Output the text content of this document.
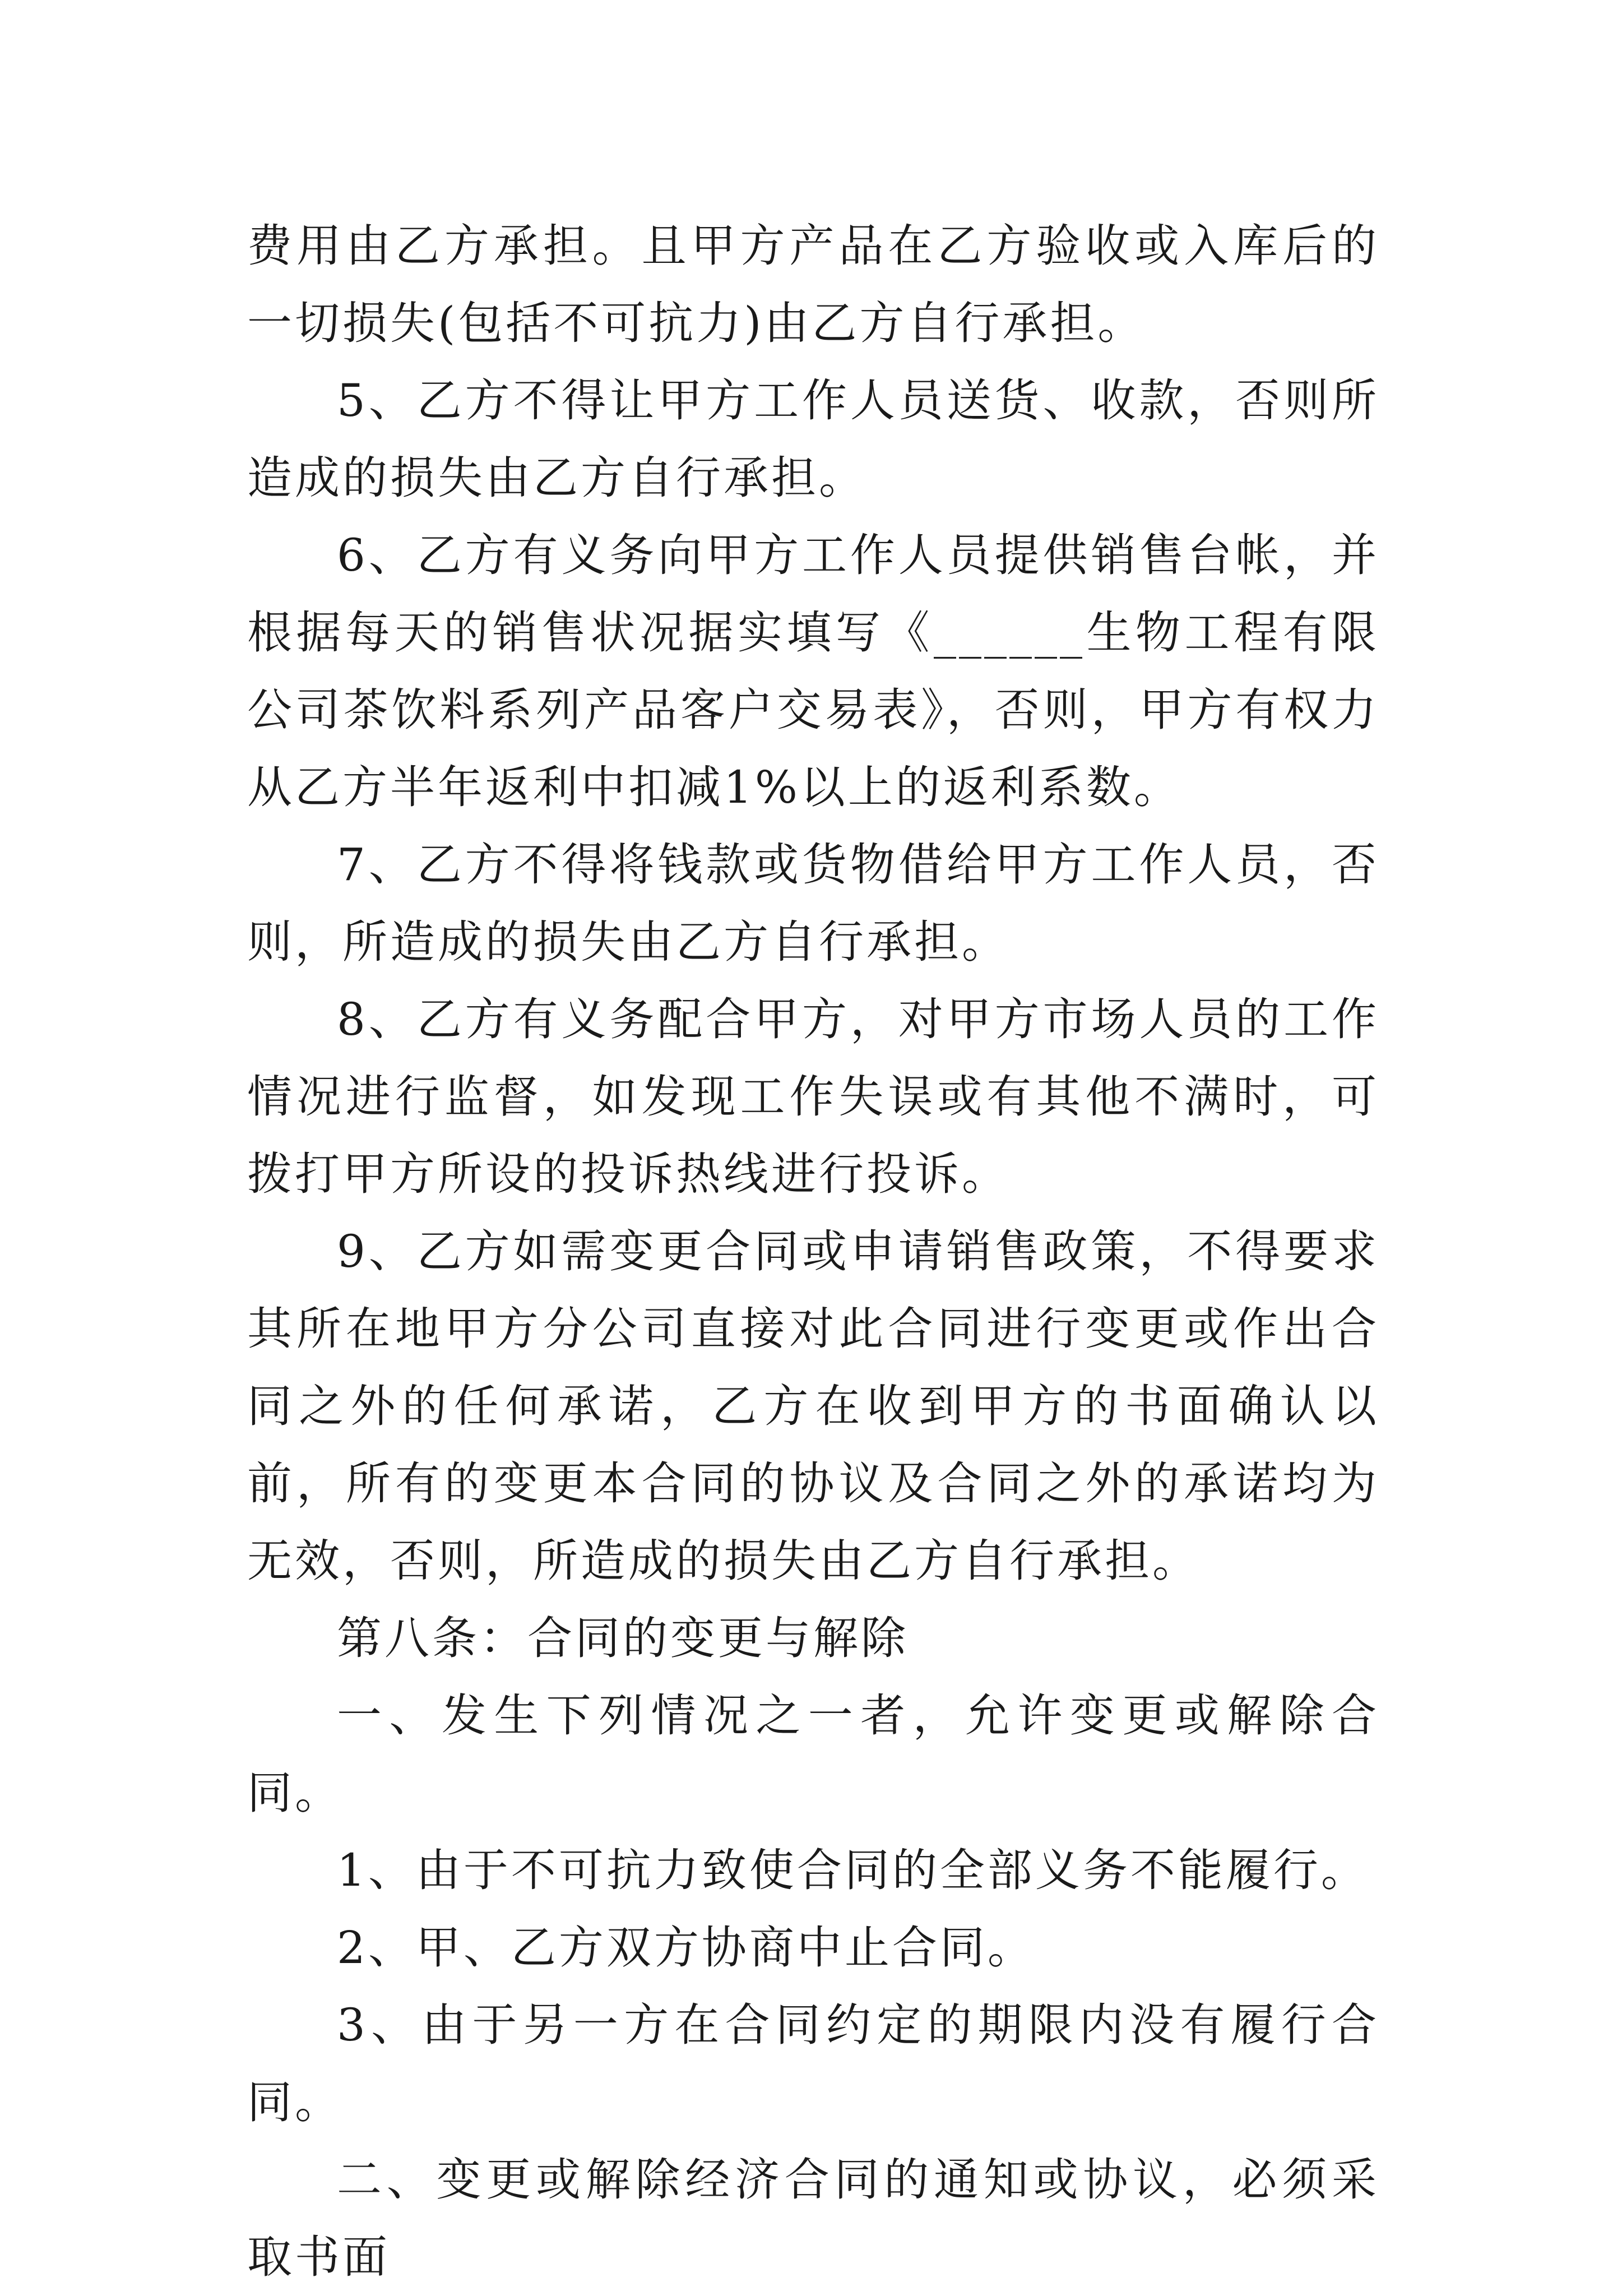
费用由乙方承担。且甲方产品在乙方验收或入库后的一切损失(包括不可抗力)由乙方自行承担。

5、乙方不得让甲方工作人员送货、收款，否则所造成的损失由乙方自行承担。

6、乙方有义务向甲方工作人员提供销售台帐，并根据每天的销售状况据实填写《______生物工程有限公司茶饮料系列产品客户交易表》，否则，甲方有权力从乙方半年返利中扣减1%以上的返利系数。

7、乙方不得将钱款或货物借给甲方工作人员，否则，所造成的损失由乙方自行承担。

8、乙方有义务配合甲方，对甲方市场人员的工作情况进行监督，如发现工作失误或有其他不满时，可拨打甲方所设的投诉热线进行投诉。

9、乙方如需变更合同或申请销售政策，不得要求其所在地甲方分公司直接对此合同进行变更或作出合同之外的任何承诺，乙方在收到甲方的书面确认以前，所有的变更本合同的协议及合同之外的承诺均为无效，否则，所造成的损失由乙方自行承担。

第八条：合同的变更与解除

一、发生下列情况之一者，允许变更或解除合同。

1、由于不可抗力致使合同的全部义务不能履行。

2、甲、乙方双方协商中止合同。

3、由于另一方在合同约定的期限内没有履行合同。

二、变更或解除经济合同的通知或协议，必须采取书面
